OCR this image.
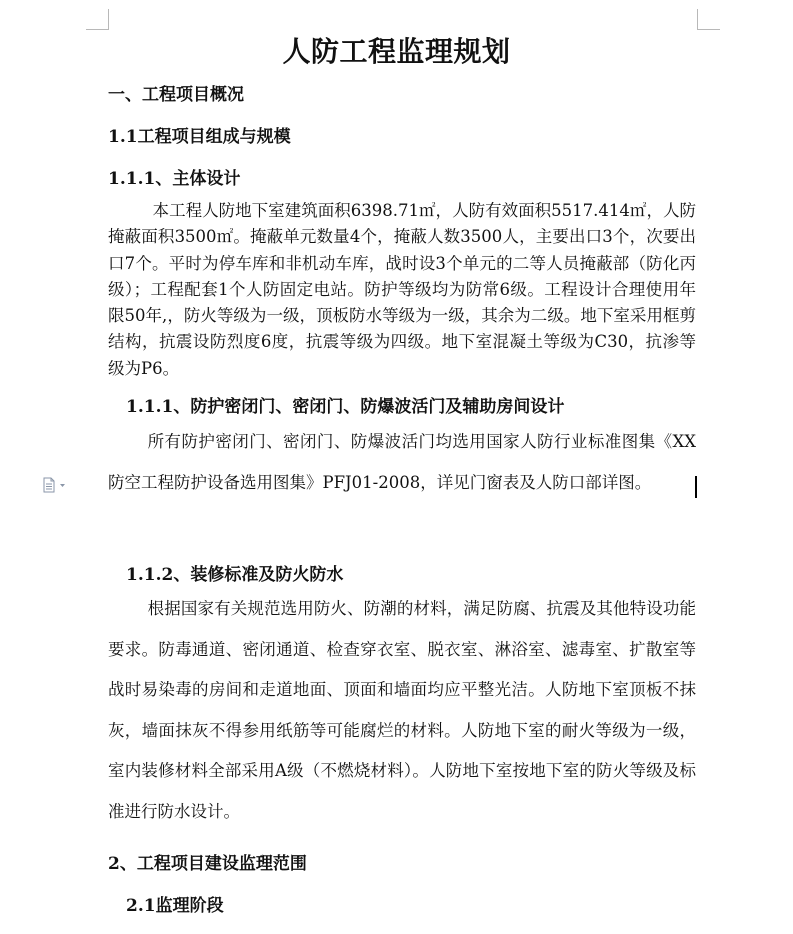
人防工程监理规划
一、工程项目概况
1.1工程项目组成与规模
1.1.1、主体设计

本工程人防地下室建筑面积6398.71㎡，人防有效面积5517.414㎡，人防掩蔽面积3500㎡。掩蔽单元数量4个，掩蔽人数3500人，主要出口3个，次要出口7个。平时为停车库和非机动车库，战时设3个单元的二等人员掩蔽部（防化丙级）；工程配套1个人防固定电站。防护等级均为防常6级。工程设计合理使用年限50年,，防火等级为一级，顶板防水等级为一级，其余为二级。地下室采用框剪结构，抗震设防烈度6度，抗震等级为四级。地下室混凝土等级为C30，抗渗等级为P6。

1.1.1、防护密闭门、密闭门、防爆波活门及辅助房间设计

所有防护密闭门、密闭门、防爆波活门均选用国家人防行业标准图集《XX防空工程防护设备选用图集》PFJ01-2008，详见门窗表及人防口部详图。

1.1.2、装修标准及防火防水

根据国家有关规范选用防火、防潮的材料，满足防腐、抗震及其他特设功能要求。防毒通道、密闭通道、检查穿衣室、脱衣室、淋浴室、滤毒室、扩散室等战时易染毒的房间和走道地面、顶面和墙面均应平整光洁。人防地下室顶板不抹灰，墙面抹灰不得参用纸筋等可能腐烂的材料。人防地下室的耐火等级为一级，室内装修材料全部采用A级（不燃烧材料）。人防地下室按地下室的防火等级及标准进行防水设计。

2、工程项目建设监理范围
2.1监理阶段
